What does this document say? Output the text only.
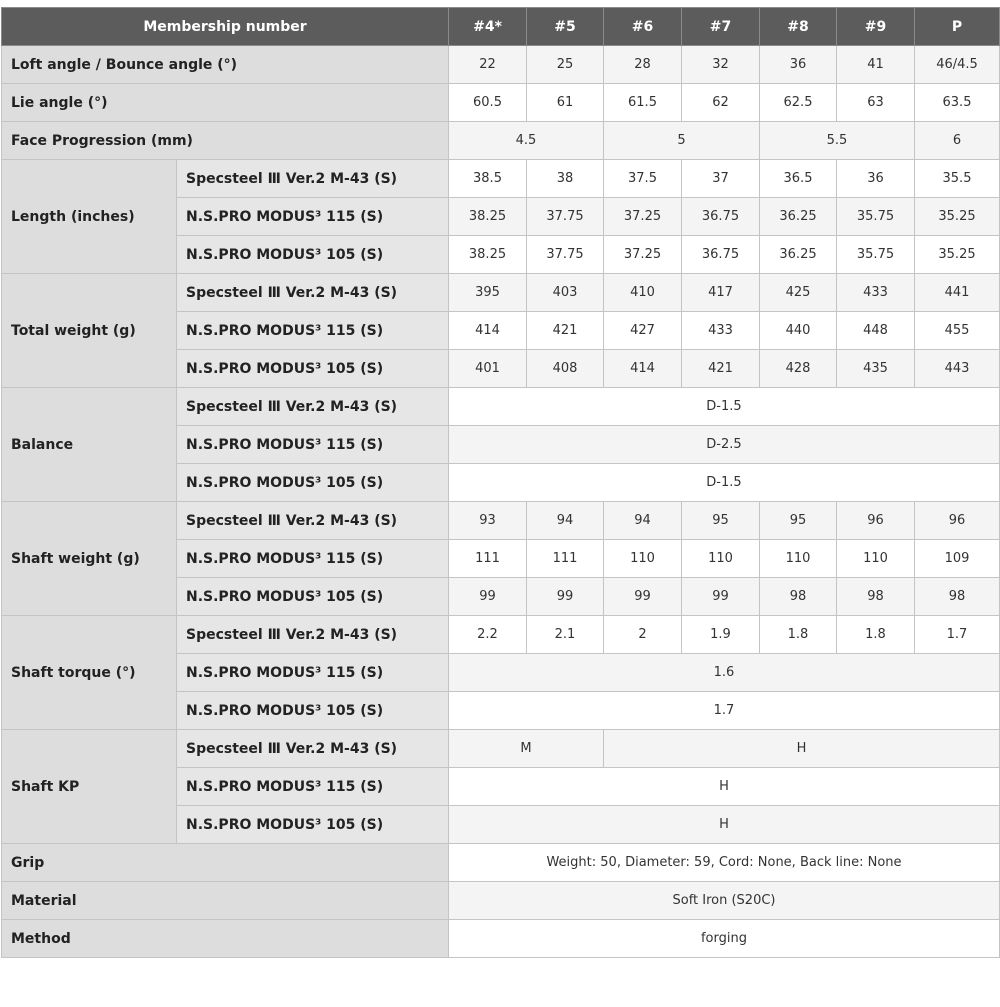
Membership number		#4*	#5	#6	#7	#8	#9	P
Loft angle / Bounce angle (°)		22	25	28	32	36	41	46/4.5
Lie angle (°)		60.5	61	61.5	62	62.5	63	63.5
Face Progression (mm)		4.5		5		5.5		6
Length (inches)	Specsteel Ⅲ Ver.2 M-43 (S)	38.5	38	37.5	37	36.5	36	35.5
	N.S.PRO MODUS³ 115 (S)	38.25	37.75	37.25	36.75	36.25	35.75	35.25
	N.S.PRO MODUS³ 105 (S)	38.25	37.75	37.25	36.75	36.25	35.75	35.25
Total weight (g)	Specsteel Ⅲ Ver.2 M-43 (S)	395	403	410	417	425	433	441
	N.S.PRO MODUS³ 115 (S)	414	421	427	433	440	448	455
	N.S.PRO MODUS³ 105 (S)	401	408	414	421	428	435	443
Balance	Specsteel Ⅲ Ver.2 M-43 (S)	D-1.5						
	N.S.PRO MODUS³ 115 (S)	D-2.5						
	N.S.PRO MODUS³ 105 (S)	D-1.5						
Shaft weight (g)	Specsteel Ⅲ Ver.2 M-43 (S)	93	94	94	95	95	96	96
	N.S.PRO MODUS³ 115 (S)	111	111	110	110	110	110	109
	N.S.PRO MODUS³ 105 (S)	99	99	99	99	98	98	98
Shaft torque (°)	Specsteel Ⅲ Ver.2 M-43 (S)	2.2	2.1	2	1.9	1.8	1.8	1.7
	N.S.PRO MODUS³ 115 (S)	1.6						
	N.S.PRO MODUS³ 105 (S)	1.7						
Shaft KP	Specsteel Ⅲ Ver.2 M-43 (S)	M		H				
	N.S.PRO MODUS³ 115 (S)	H						
	N.S.PRO MODUS³ 105 (S)	H						
Grip		Weight: 50, Diameter: 59, Cord: None, Back line: None						
Material		Soft Iron (S20C)						
Method		forging						
